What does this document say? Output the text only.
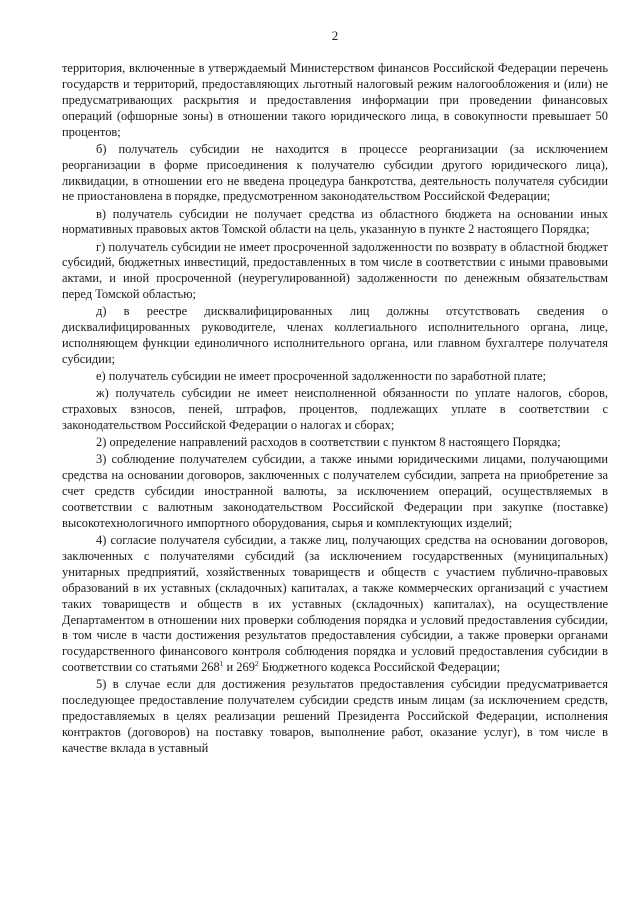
2

территория, включенные в утверждаемый Министерством финансов Российской Федерации перечень государств и территорий, предоставляющих льготный налоговый режим налогообложения и (или) не предусматривающих раскрытия и предоставления информации при проведении финансовых операций (офшорные зоны) в отношении такого юридического лица, в совокупности превышает 50 процентов;

б) получатель субсидии не находится в процессе реорганизации (за исключением реорганизации в форме присоединения к получателю субсидии другого юридического лица), ликвидации, в отношении его не введена процедура банкротства, деятельность получателя субсидии не приостановлена в порядке, предусмотренном законодательством Российской Федерации;

в) получатель субсидии не получает средства из областного бюджета на основании иных нормативных правовых актов Томской области на цель, указанную в пункте 2 настоящего Порядка;

г) получатель субсидии не имеет просроченной задолженности по возврату в областной бюджет субсидий, бюджетных инвестиций, предоставленных в том числе в соответствии с иными правовыми актами, и иной просроченной (неурегулированной) задолженности по денежным обязательствам перед Томской областью;

д) в реестре дисквалифицированных лиц должны отсутствовать сведения о дисквалифицированных руководителе, членах коллегиального исполнительного органа, лице, исполняющем функции единоличного исполнительного органа, или главном бухгалтере получателя субсидии;

е) получатель субсидии не имеет просроченной задолженности по заработной плате;

ж) получатель субсидии не имеет неисполненной обязанности по уплате налогов, сборов, страховых взносов, пеней, штрафов, процентов, подлежащих уплате в соответствии с законодательством Российской Федерации о налогах и сборах;

2) определение направлений расходов в соответствии с пунктом 8 настоящего Порядка;

3) соблюдение получателем субсидии, а также иными юридическими лицами, получающими средства на основании договоров, заключенных с получателем субсидии, запрета на приобретение за счет средств субсидии иностранной валюты, за исключением операций, осуществляемых в соответствии с валютным законодательством Российской Федерации при закупке (поставке) высокотехнологичного импортного оборудования, сырья и комплектующих изделий;

4) согласие получателя субсидии, а также лиц, получающих средства на основании договоров, заключенных с получателями субсидий (за исключением государственных (муниципальных) унитарных предприятий, хозяйственных товариществ и обществ с участием публично-правовых образований в их уставных (складочных) капиталах, а также коммерческих организаций с участием таких товариществ и обществ в их уставных (складочных) капиталах), на осуществление Департаментом в отношении них проверки соблюдения порядка и условий предоставления субсидии, в том числе в части достижения результатов предоставления субсидии, а также проверки органами государственного финансового контроля соблюдения порядка и условий предоставления субсидии в соответствии со статьями $268^1$ и $269^2$ Бюджетного кодекса Российской Федерации;

5) в случае если для достижения результатов предоставления субсидии предусматривается последующее предоставление получателем субсидии средств иным лицам (за исключением средств, предоставляемых в целях реализации решений Президента Российской Федерации, исполнения контрактов (договоров) на поставку товаров, выполнение работ, оказание услуг), в том числе в качестве вклада в уставный
